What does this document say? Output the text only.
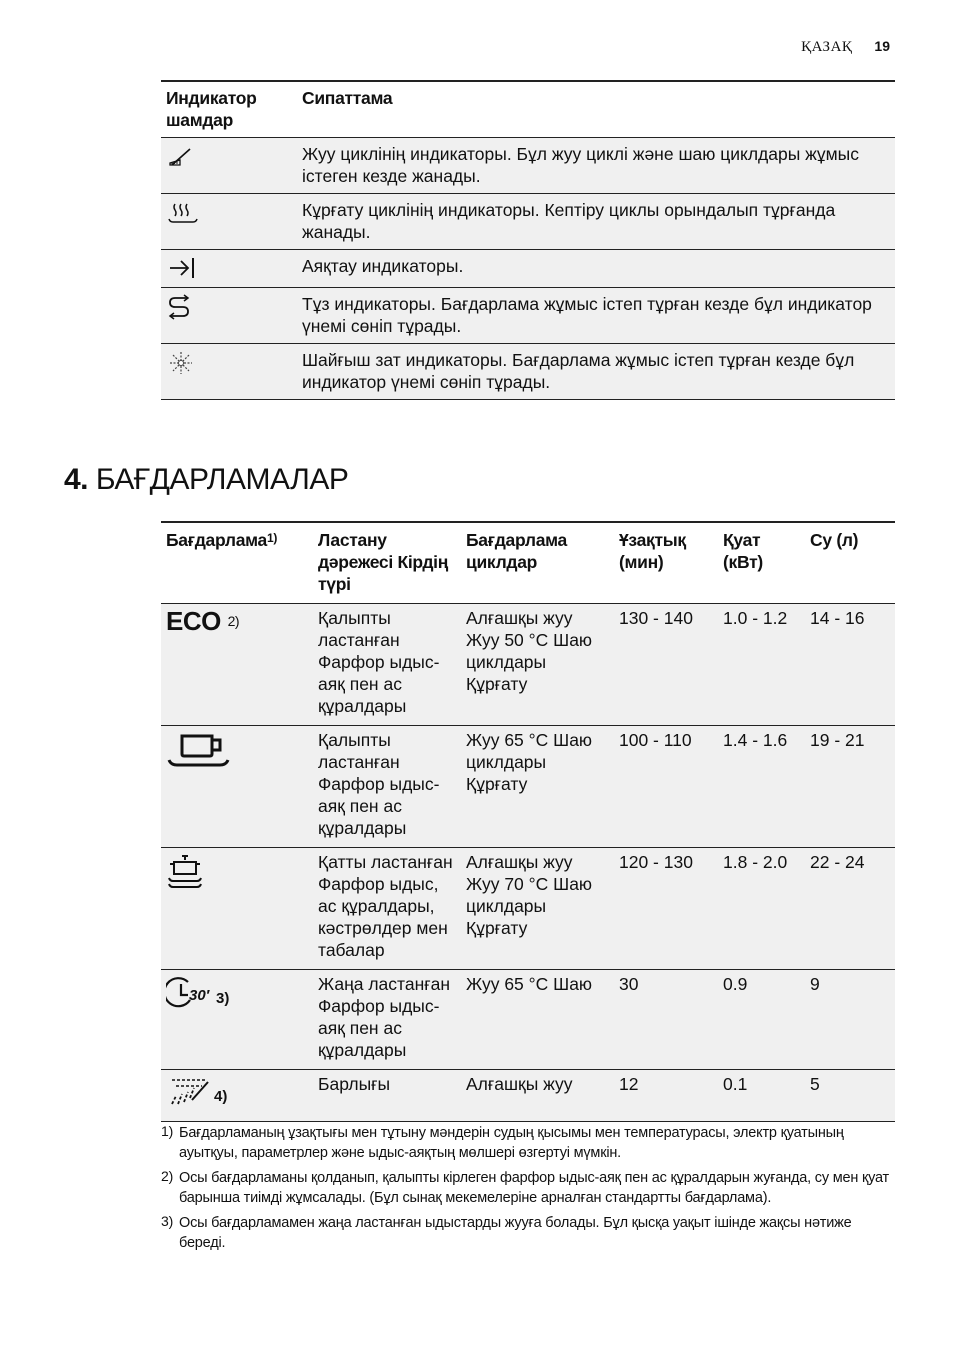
ҚАЗАҚ 19
Индикатор шамдар	Сипаттама

	Жуу циклінің индикаторы. Бұл жуу циклі және шаю циклдары жұмыс істеген кезде жанады.

	Кұрғату циклінің индикаторы. Кептіру циклы орындалып тұрғанда жанады.

	Аяқтау индикаторы.

	Тұз индикаторы. Бағдарлама жұмыс істеп тұрған кезде бұл индикатор үнемі сөніп тұрады.

	Шайғыш зат индикаторы. Бағдарлама жұмыс істеп тұрған кезде бұл индикатор үнемі сөніп тұрады.
4. БАҒДАРЛАМАЛАР
Бағдарлама$^{1)}$	Ластану дәрежесі Кірдің түрі	Бағдарлама циклдар	Ұзақтық (мин)	Қуат (кВт)	Су (л)
ECO $^{2)}$	Қалыпты ластанған Фарфор ыдыс-аяқ пен ас құралдары	Алғашқы жуу Жуу 50 °C Шаю циклдары Құрғату	130 - 140	1.0 - 1.2	14 - 16
	Қалыпты ластанған Фарфор ыдыс-аяқ пен ас құралдары	Жуу 65 °C Шаю циклдары Құрғату	100 - 110	1.4 - 1.6	19 - 21
	Қатты ластанған Фарфор ыдыс, ас құралдары, кәстрөлдер мен табалар	Алғашқы жуу Жуу 70 °C Шаю циклдары Құрғату	120 - 130	1.8 - 2.0	22 - 24

30′ 3)	Жаңа ластанған Фарфор ыдыс-аяқ пен ас құралдары	Жуу 65 °C Шаю	30	0.9	9

4)	Барлығы	Алғашқы жуу	12	0.1	5
1) Бағдарламаның ұзақтығы мен тұтыну мәндерін судың қысымы мен температурасы, электр қуатының ауытқуы, параметрлер және ыдыс-аяқтың мөлшері өзгертуі мүмкін.
2) Осы бағдарламаны қолданып, қалыпты кірлеген фарфор ыдыс-аяқ пен ас құралдарын жуғанда, су мен қуат барынша тиімді жұмсалады. (Бұл сынақ мекемелеріне арналған стандартты бағдарлама).
3) Осы бағдарламамен жаңа ластанған ыдыстарды жууға болады. Бұл қысқа уақыт ішінде жақсы нәтиже береді.
